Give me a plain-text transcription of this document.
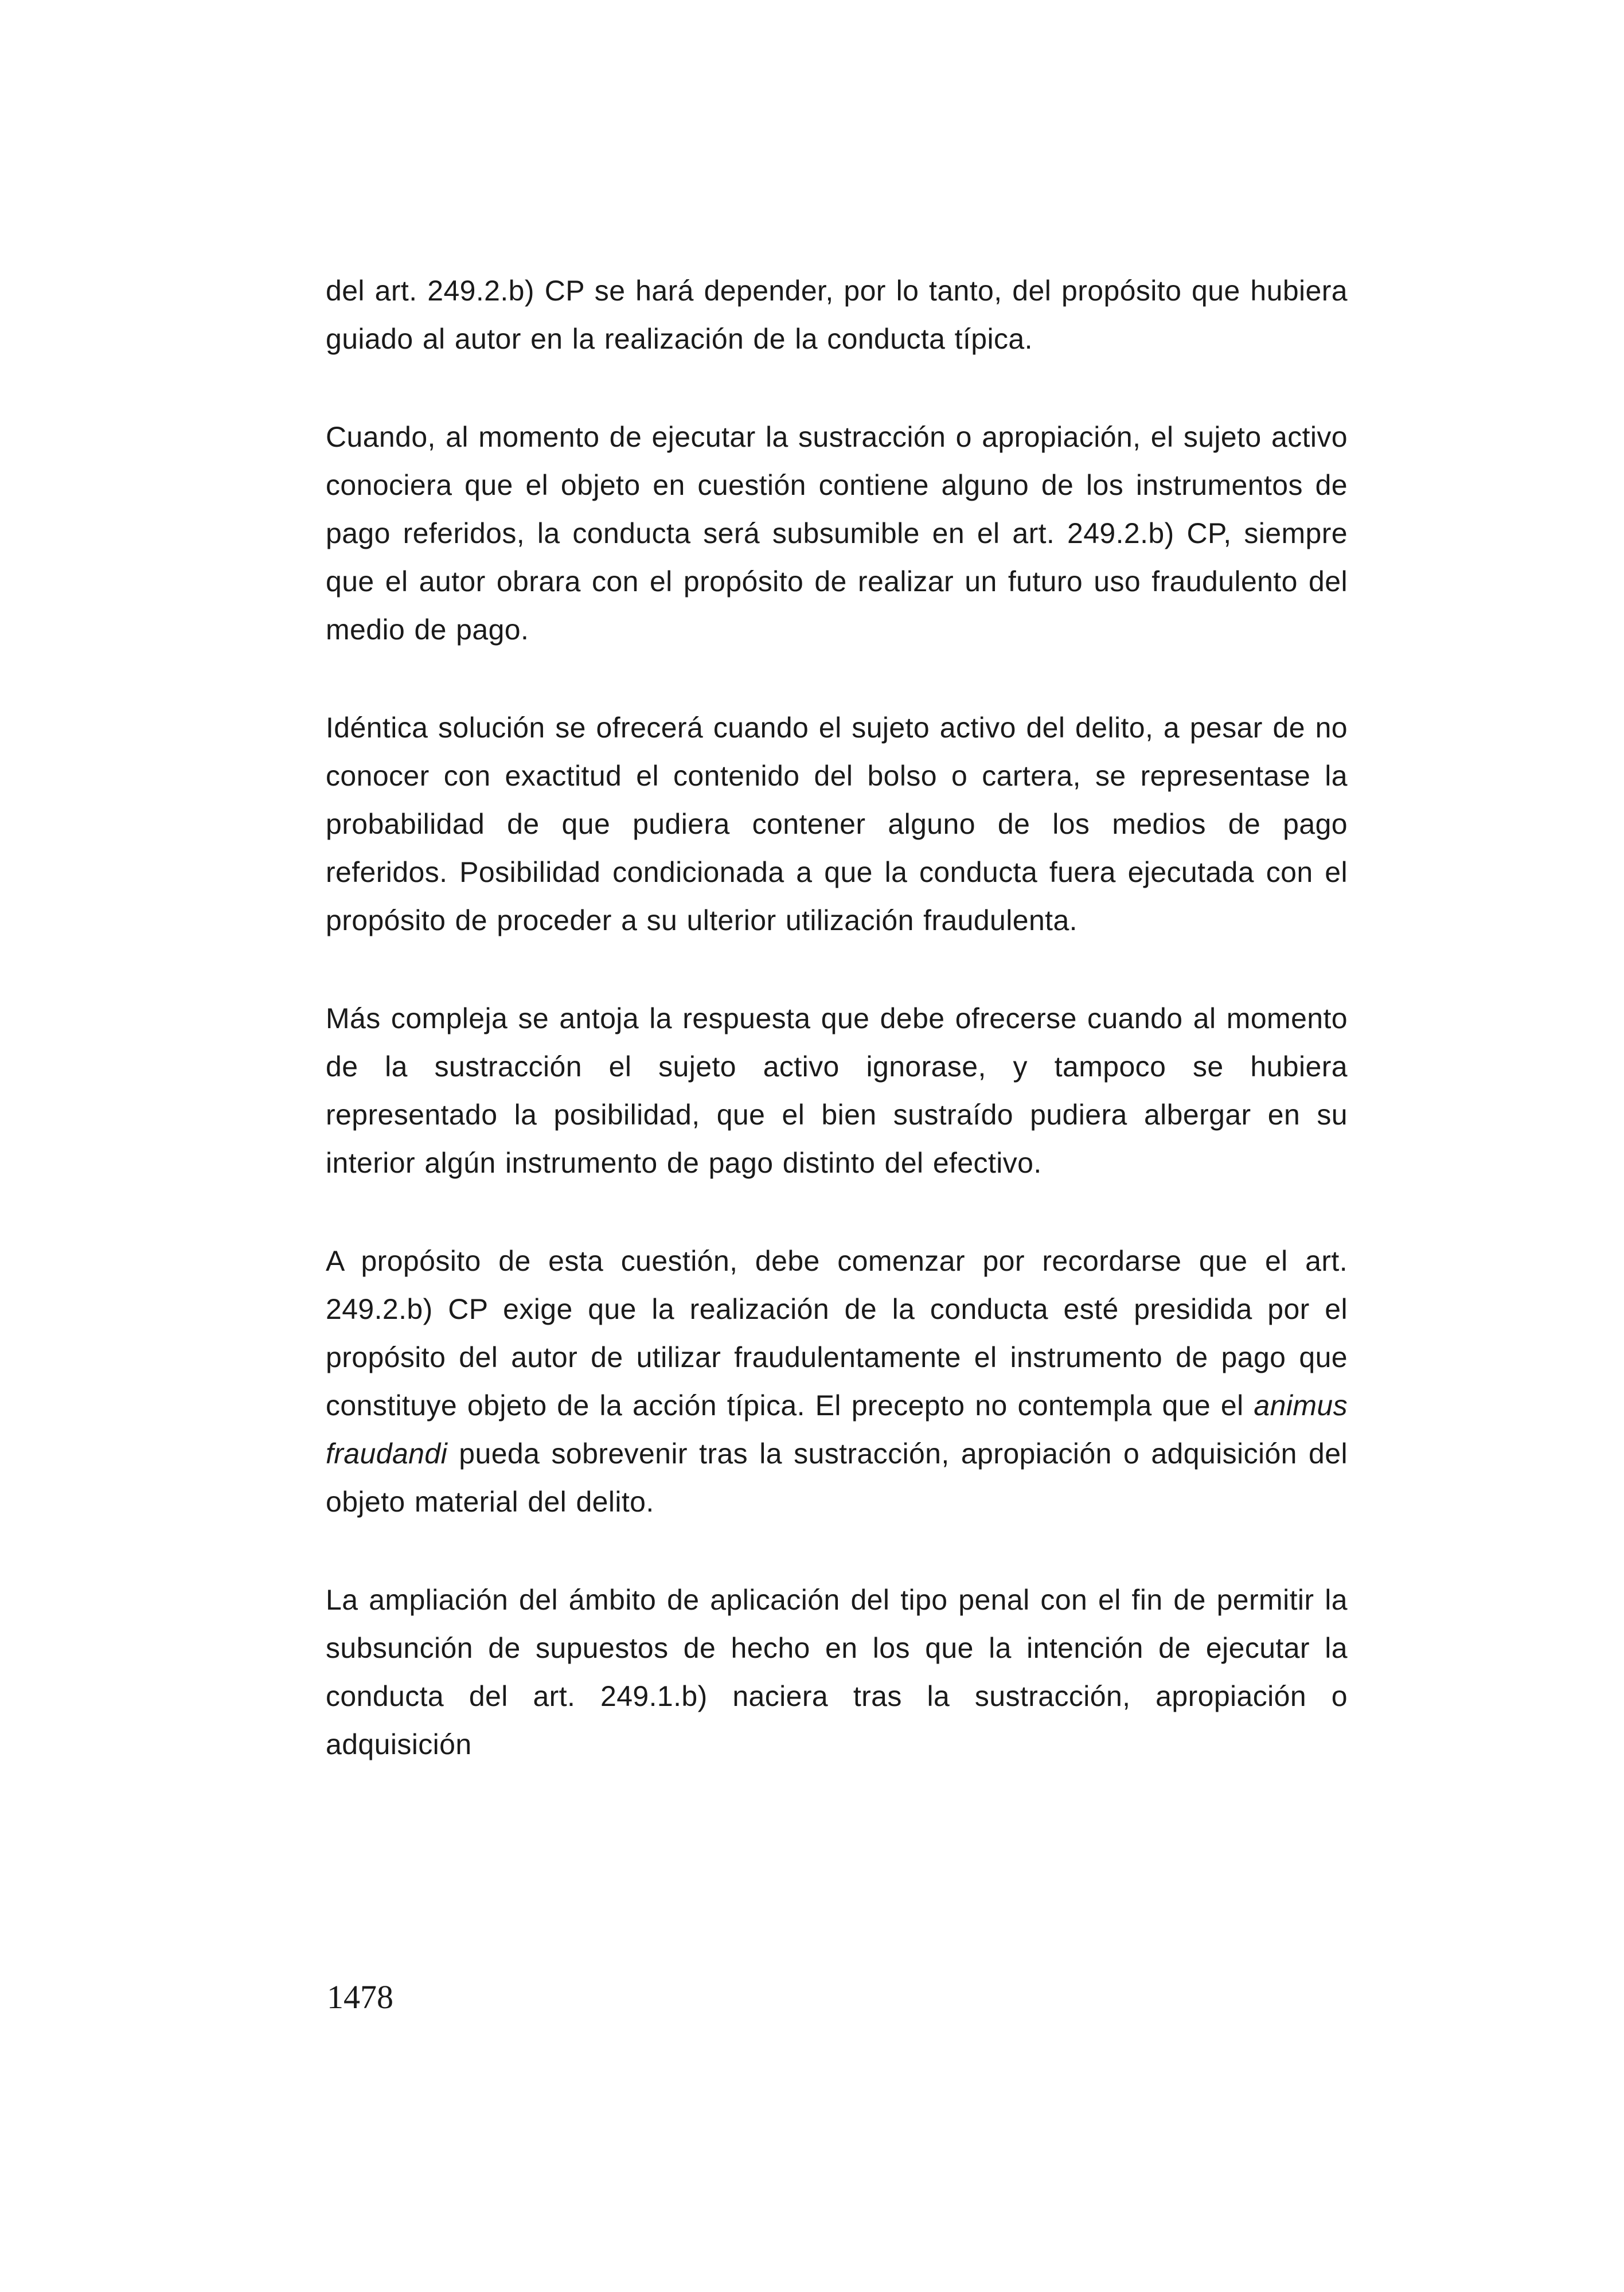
del art. 249.2.b) CP se hará depender, por lo tanto, del propósito que hubiera guiado al autor en la realización de la conducta típica.

Cuando, al momento de ejecutar la sustracción o apropiación, el sujeto activo conociera que el objeto en cuestión contiene alguno de los instrumentos de pago referidos, la conducta será subsumible en el art. 249.2.b) CP, siempre que el autor obrara con el propósito de realizar un futuro uso fraudulento del medio de pago.

Idéntica solución se ofrecerá cuando el sujeto activo del delito, a pesar de no conocer con exactitud el contenido del bolso o cartera, se representase la probabilidad de que pudiera contener alguno de los medios de pago referidos. Posibilidad condicionada a que la conducta fuera ejecutada con el propósito de proceder a su ulterior utilización fraudulenta.

Más compleja se antoja la respuesta que debe ofrecerse cuando al momento de la sustracción el sujeto activo ignorase, y tampoco se hubiera representado la posibilidad, que el bien sustraído pudiera albergar en su interior algún instrumento de pago distinto del efectivo.

A propósito de esta cuestión, debe comenzar por recordarse que el art. 249.2.b) CP exige que la realización de la conducta esté presidida por el propósito del autor de utilizar fraudulentamente el instrumento de pago que constituye objeto de la acción típica. El precepto no contempla que el animus fraudandi pueda sobrevenir tras la sustracción, apropiación o adquisición del objeto material del delito.

La ampliación del ámbito de aplicación del tipo penal con el fin de permitir la subsunción de supuestos de hecho en los que la intención de ejecutar la conducta del art. 249.1.b) naciera tras la sustracción, apropiación o adquisición

1478
